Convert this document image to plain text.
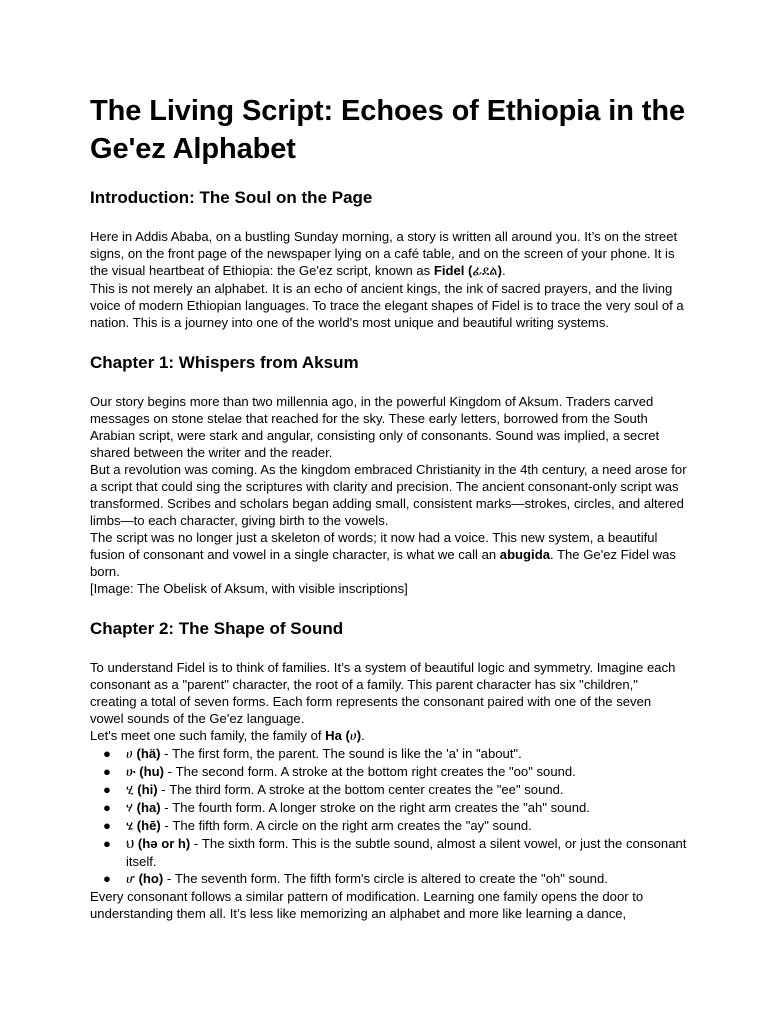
The Living Script: Echoes of Ethiopia in the Ge'ez Alphabet
Introduction: The Soul on the Page

Here in Addis Ababa, on a bustling Sunday morning, a story is written all around you. It’s on the street signs, on the front page of the newspaper lying on a café table, and on the screen of your phone. It is the visual heartbeat of Ethiopia: the Ge'ez script, known as Fidel (ፊደል).

This is not merely an alphabet. It is an echo of ancient kings, the ink of sacred prayers, and the living voice of modern Ethiopian languages. To trace the elegant shapes of Fidel is to trace the very soul of a nation. This is a journey into one of the world's most unique and beautiful writing systems.

Chapter 1: Whispers from Aksum

Our story begins more than two millennia ago, in the powerful Kingdom of Aksum. Traders carved messages on stone stelae that reached for the sky. These early letters, borrowed from the South Arabian script, were stark and angular, consisting only of consonants. Sound was implied, a secret shared between the writer and the reader.

But a revolution was coming. As the kingdom embraced Christianity in the 4th century, a need arose for a script that could sing the scriptures with clarity and precision. The ancient consonant-only script was transformed. Scribes and scholars began adding small, consistent marks—strokes, circles, and altered limbs—to each character, giving birth to the vowels.

The script was no longer just a skeleton of words; it now had a voice. This new system, a beautiful fusion of consonant and vowel in a single character, is what we call an abugida. The Ge'ez Fidel was born.

[Image: The Obelisk of Aksum, with visible inscriptions]

Chapter 2: The Shape of Sound

To understand Fidel is to think of families. It’s a system of beautiful logic and symmetry. Imagine each consonant as a "parent" character, the root of a family. This parent character has six "children," creating a total of seven forms. Each form represents the consonant paired with one of the seven vowel sounds of the Ge'ez language.

Let's meet one such family, the family of Ha (ሀ).

● ሀ (hä) - The first form, the parent. The sound is like the 'a' in "about".
● ሁ (hu) - The second form. A stroke at the bottom right creates the "oo" sound.
● ሂ (hi) - The third form. A stroke at the bottom center creates the "ee" sound.
● ሃ (ha) - The fourth form. A longer stroke on the right arm creates the "ah" sound.
● ሄ (hē) - The fifth form. A circle on the right arm creates the "ay" sound.
● ህ (hə or h) - The sixth form. This is the subtle sound, almost a silent vowel, or just the consonant itself.
● ሆ (ho) - The seventh form. The fifth form's circle is altered to create the "oh" sound.

Every consonant follows a similar pattern of modification. Learning one family opens the door to understanding them all. It’s less like memorizing an alphabet and more like learning a dance,
